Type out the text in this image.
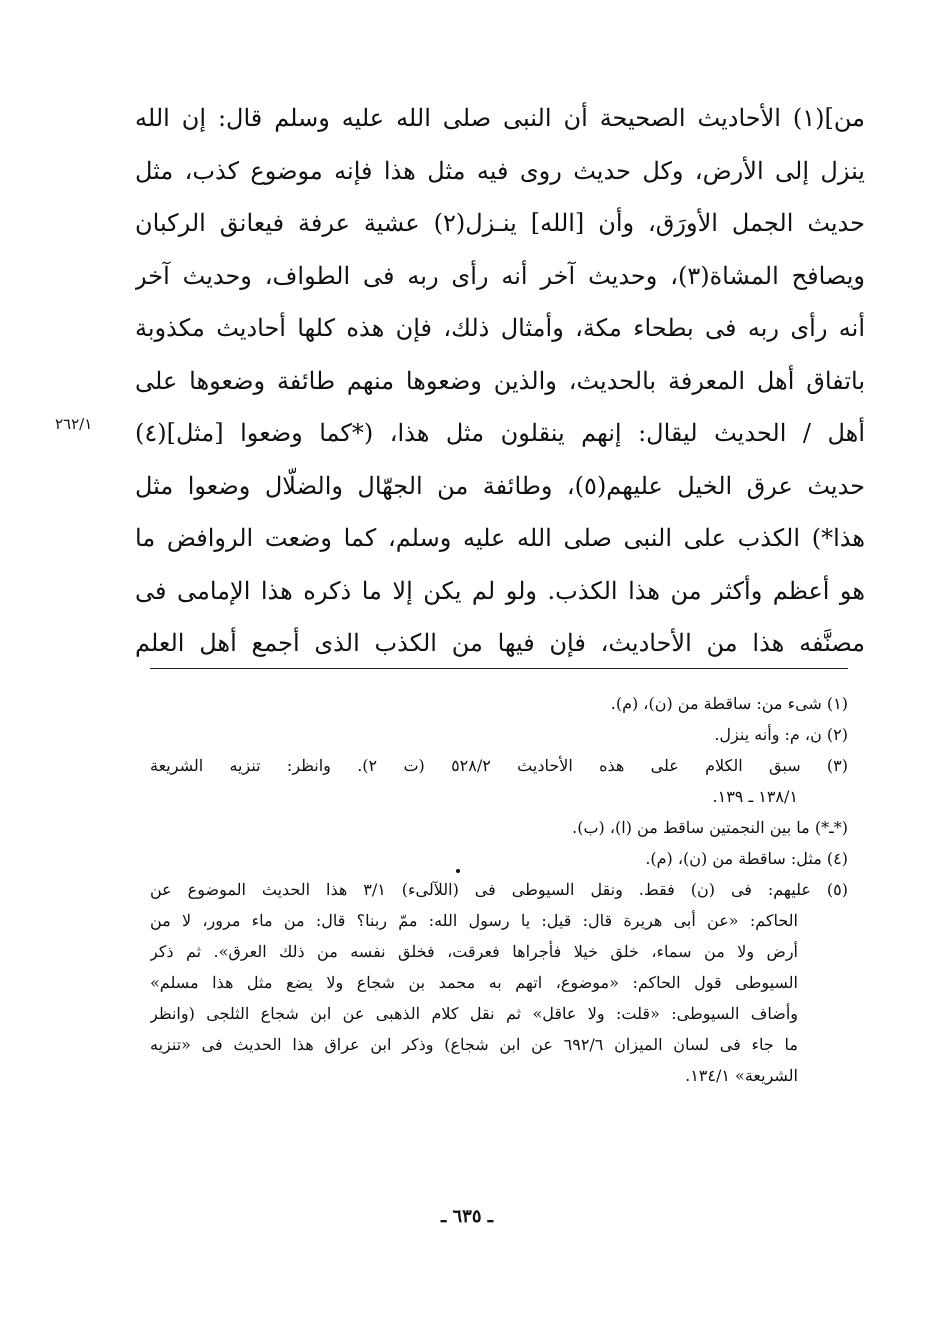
من](١) الأحاديث الصحيحة أن النبى صلى الله عليه وسلم قال: إن الله
ينزل إلى الأرض، وكل حديث روى فيه مثل هذا فإنه موضوع كذب، مثل
حديث الجمل الأورَق، وأن [الله] ينـزل(٢) عشية عرفة فيعانق الركبان
ويصافح المشاة(٣)، وحديث آخر أنه رأى ربه فى الطواف، وحديث آخر
أنه رأى ربه فى بطحاء مكة، وأمثال ذلك، فإن هذه كلها أحاديث مكذوبة
باتفاق أهل المعرفة بالحديث، والذين وضعوها منهم طائفة وضعوها على
أهل / الحديث ليقال: إنهم ينقلون مثل هذا، (*كما وضعوا [مثل](٤)
حديث عرق الخيل عليهم(٥)، وطائفة من الجهّال والضلّال وضعوا مثل
هذا*) الكذب على النبى صلى الله عليه وسلم، كما وضعت الروافض ما
هو أعظم وأكثر من هذا الكذب. ولو لم يكن إلا ما ذكره هذا الإمامى فى
مصنَّفه هذا من الأحاديث، فإن فيها من الكذب الذى أجمع أهل العلم
٢٦٢/١
(١) شىء من: ساقطة من (ن)، (م).
(٢) ن، م: وأنه ينزل.
(٣) سبق الكلام على هذه الأحاديث ٥٢٨/٢ (ت ٢). وانظر: تنزيه الشريعة
١٣٨/١ ـ ١٣٩.
(*ـ*) ما بين النجمتين ساقط من (ا)، (ب).
(٤) مثل: ساقطة من (ن)، (م).
(٥) عليهم: فى (ن) فقط. ونقل السيوطى فى (اللآلىء) ٣/١ هذا الحديث الموضوع عن
الحاكم: «عن أبى هريرة قال: قيل: يا رسول الله: ممّ ربنا؟ قال: من ماء مرور، لا من
أرض ولا من سماء، خلق خيلا فأجراها فعرقت، فخلق نفسه من ذلك العرق». ثم ذكر
السيوطى قول الحاكم: «موضوع، اتهم به محمد بن شجاع ولا يضع مثل هذا مسلم»
وأضاف السيوطى: «قلت: ولا عاقل» ثم نقل كلام الذهبى عن ابن شجاع الثلجى (وانظر
ما جاء فى لسان الميزان ٦٩٢/٦ عن ابن شجاع) وذكر ابن عراق هذا الحديث فى «تنزيه
الشريعة» ١٣٤/١.
ـ ٦٣٥ ـ
